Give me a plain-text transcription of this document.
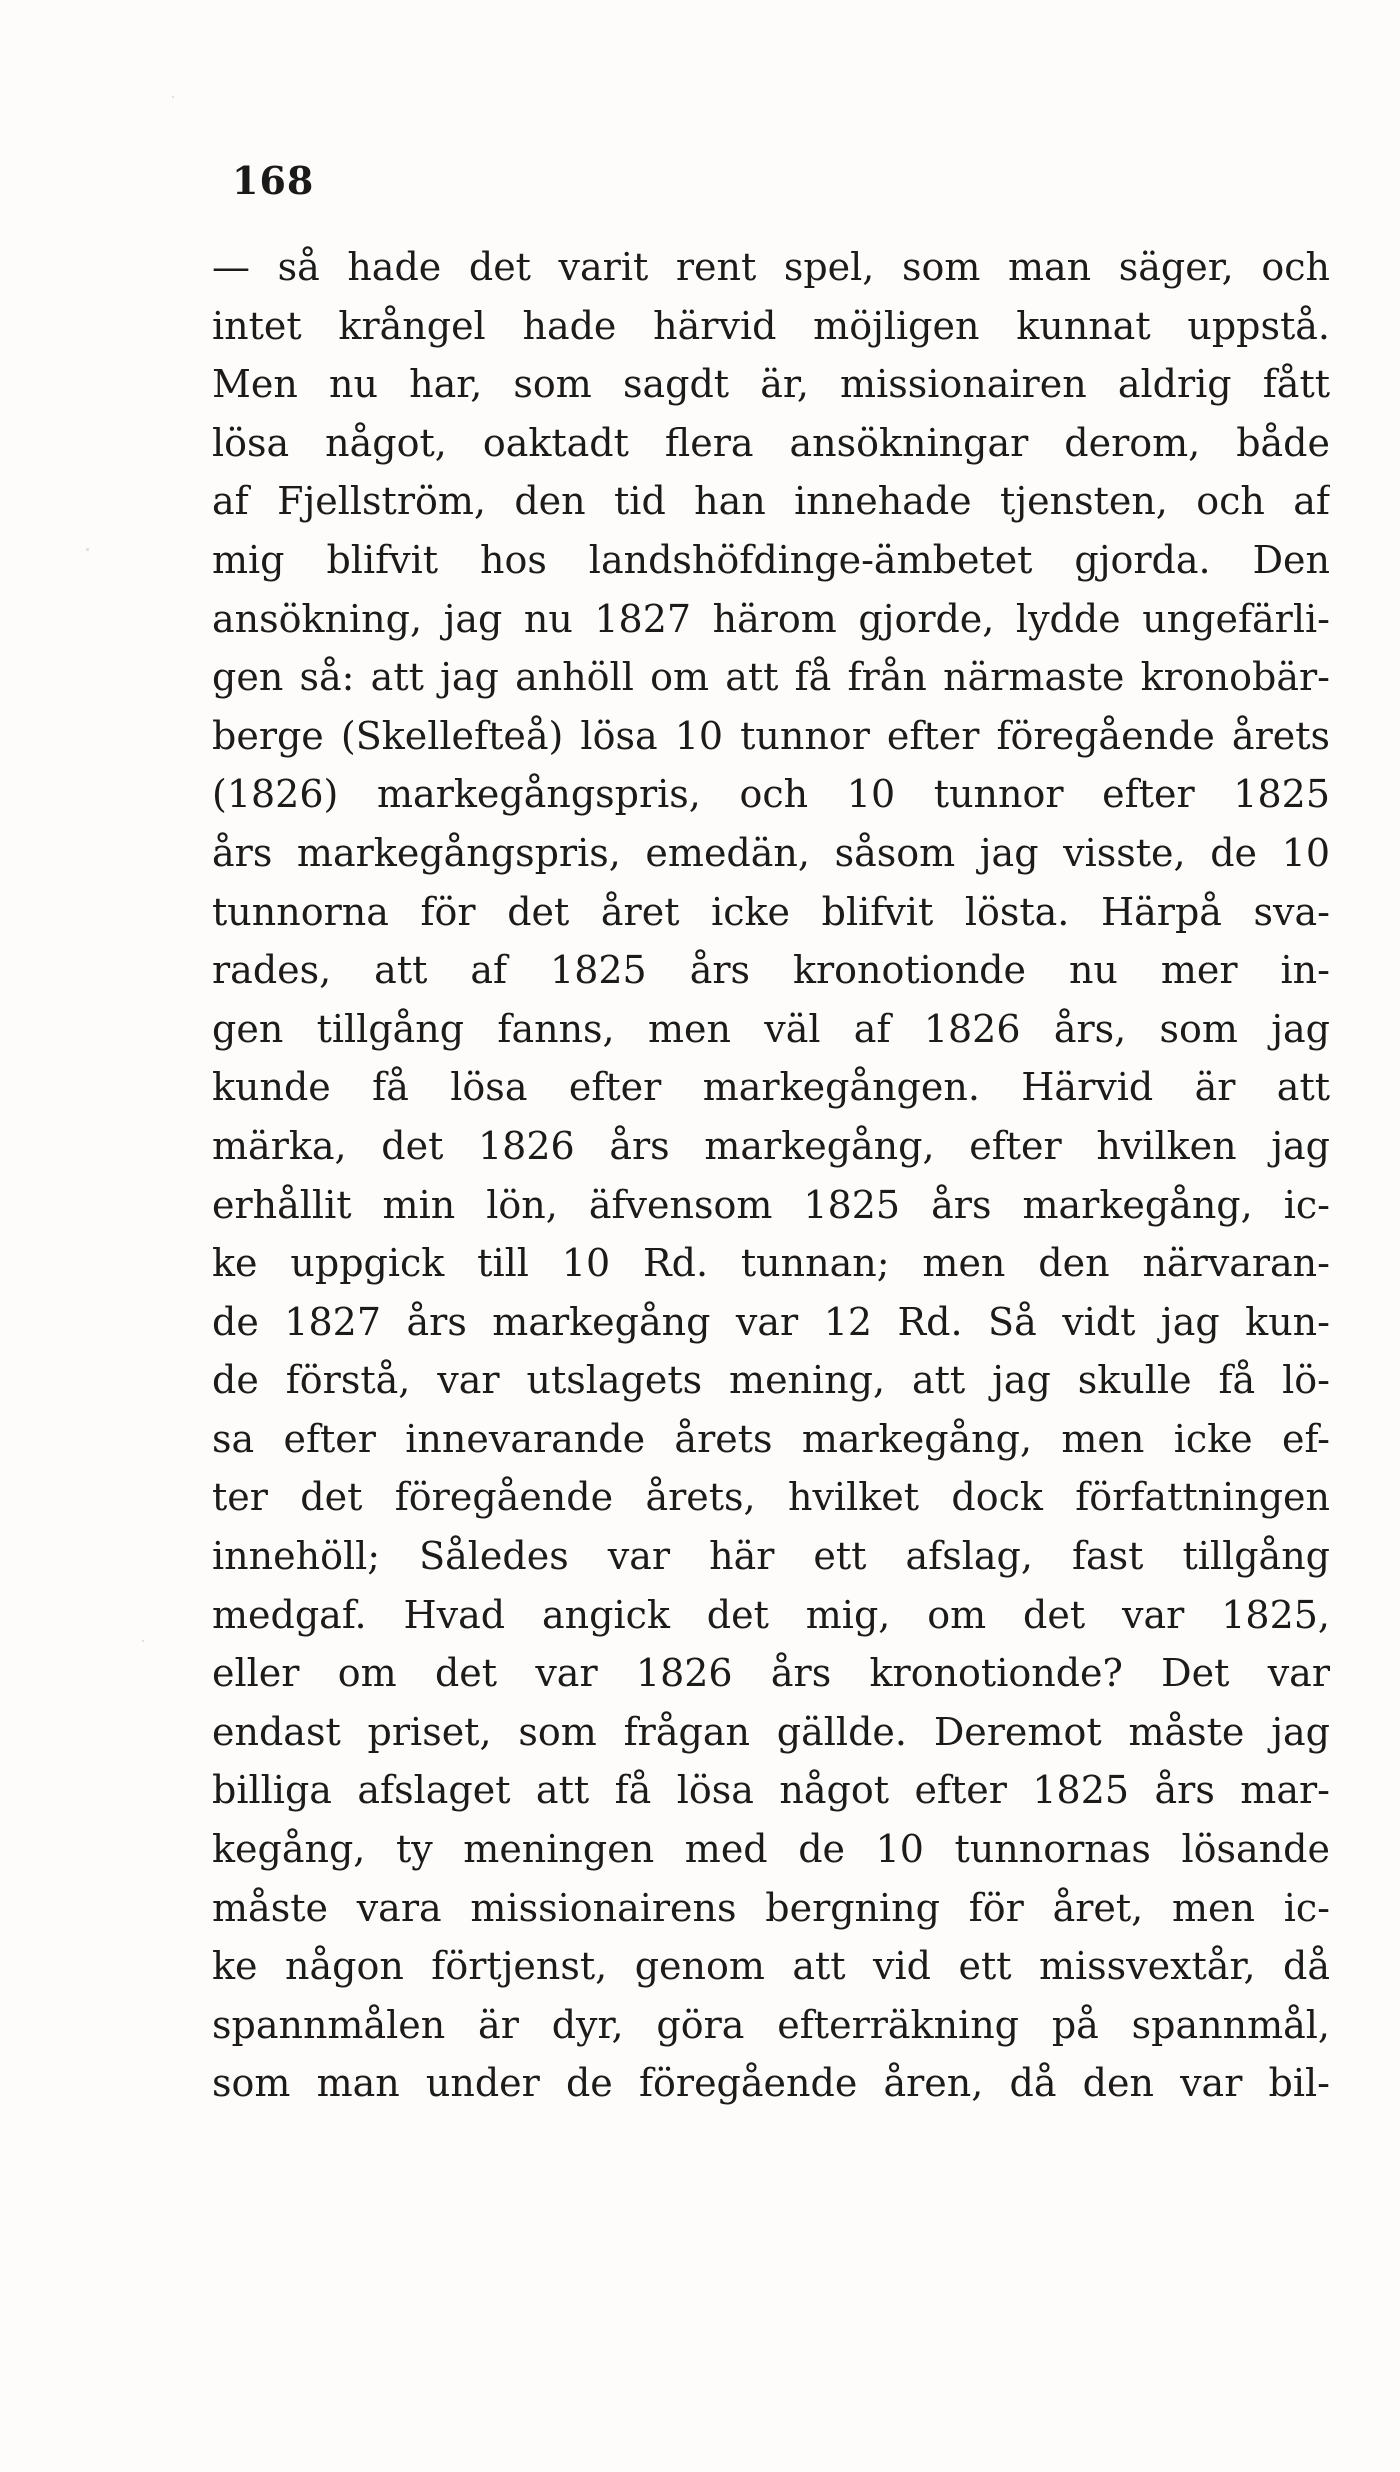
168
— så hade det varit rent spel, som man säger, och
intet krångel hade härvid möjligen kunnat uppstå.
Men nu har, som sagdt är, missionairen aldrig fått
lösa något, oaktadt flera ansökningar derom, både
af Fjellström, den tid han innehade tjensten, och af
mig blifvit hos landshöfdinge-ämbetet gjorda. Den
ansökning, jag nu 1827 härom gjorde, lydde ungefärli-
gen så: att jag anhöll om att få från närmaste kronobär-
berge (Skellefteå) lösa 10 tunnor efter föregående årets
(1826) markegångspris, och 10 tunnor efter 1825
års markegångspris, emedän, såsom jag visste, de 10
tunnorna för det året icke blifvit lösta. Härpå sva-
rades, att af 1825 års kronotionde nu mer in-
gen tillgång fanns, men väl af 1826 års, som jag
kunde få lösa efter markegången. Härvid är att
märka, det 1826 års markegång, efter hvilken jag
erhållit min lön, äfvensom 1825 års markegång, ic-
ke uppgick till 10 Rd. tunnan; men den närvaran-
de 1827 års markegång var 12 Rd. Så vidt jag kun-
de förstå, var utslagets mening, att jag skulle få lö-
sa efter innevarande årets markegång, men icke ef-
ter det föregående årets, hvilket dock författningen
innehöll; Således var här ett afslag, fast tillgång
medgaf. Hvad angick det mig, om det var 1825,
eller om det var 1826 års kronotionde? Det var
endast priset, som frågan gällde. Deremot måste jag
billiga afslaget att få lösa något efter 1825 års mar-
kegång, ty meningen med de 10 tunnornas lösande
måste vara missionairens bergning för året, men ic-
ke någon förtjenst, genom att vid ett missvextår, då
spannmålen är dyr, göra efterräkning på spannmål,
som man under de föregående åren, då den var bil-
